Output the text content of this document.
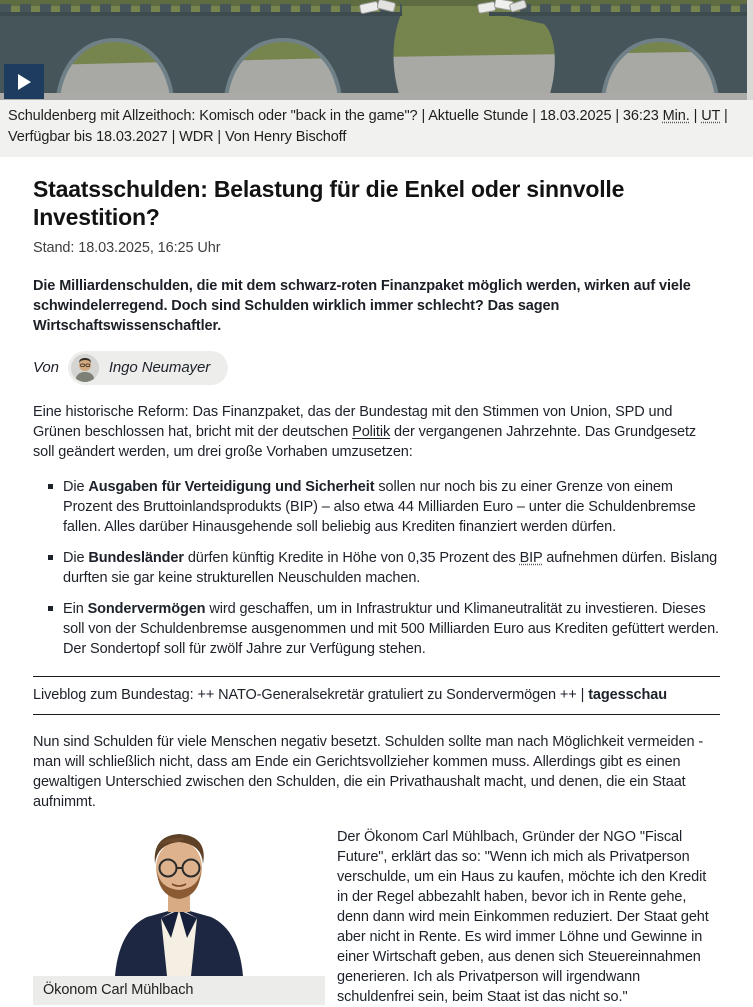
Schuldenberg mit Allzeithoch: Komisch oder "back in the game"? | Aktuelle Stunde | 18.03.2025 | 36:23 Min. | UT | Verfügbar bis 18.03.2027 | WDR | Von Henry Bischoff
Staatsschulden: Belastung für die Enkel oder sinnvolle Investition?
Stand: 18.03.2025, 16:25 Uhr

Die Milliardenschulden, die mit dem schwarz-roten Finanzpaket möglich werden, wirken auf viele schwindelerregend. Doch sind Schulden wirklich immer schlecht? Das sagen Wirtschaftswissenschaftler.

Von	Ingo Neumayer

Eine historische Reform: Das Finanzpaket, das der Bundestag mit den Stimmen von Union, SPD und Grünen beschlossen hat, bricht mit der deutschen Politik der vergangenen Jahrzehnte. Das Grundgesetz soll geändert werden, um drei große Vorhaben umzusetzen:

Die Ausgaben für Verteidigung und Sicherheit sollen nur noch bis zu einer Grenze von einem Prozent des Bruttoinlandsprodukts (BIP) – also etwa 44 Milliarden Euro – unter die Schuldenbremse fallen. Alles darüber Hinausgehende soll beliebig aus Krediten finanziert werden dürfen.
Die Bundesländer dürfen künftig Kredite in Höhe von 0,35 Prozent des BIP aufnehmen dürfen. Bislang durften sie gar keine strukturellen Neuschulden machen.
Ein Sondervermögen wird geschaffen, um in Infrastruktur und Klimaneutralität zu investieren. Dieses soll von der Schuldenbremse ausgenommen und mit 500 Milliarden Euro aus Krediten gefüttert werden. Der Sondertopf soll für zwölf Jahre zur Verfügung stehen.
Liveblog zum Bundestag: ++ NATO-Generalsekretär gratuliert zu Sondervermögen ++ | tagesschau

Nun sind Schulden für viele Menschen negativ besetzt. Schulden sollte man nach Möglichkeit vermeiden - man will schließlich nicht, dass am Ende ein Gerichtsvollzieher kommen muss. Allerdings gibt es einen gewaltigen Unterschied zwischen den Schulden, die ein Privathaushalt macht, und denen, die ein Staat aufnimmt.

Ökonom Carl Mühlbach
Der Ökonom Carl Mühlbach, Gründer der NGO "Fiscal Future", erklärt das so: "Wenn ich mich als Privatperson verschulde, um ein Haus zu kaufen, möchte ich den Kredit in der Regel abbezahlt haben, bevor ich in Rente gehe, denn dann wird mein Einkommen reduziert. Der Staat geht aber nicht in Rente. Es wird immer Löhne und Gewinne in einer Wirtschaft geben, aus denen sich Steuereinnahmen generieren. Ich als Privatperson will irgendwann schuldenfrei sein, beim Staat ist das nicht so."
